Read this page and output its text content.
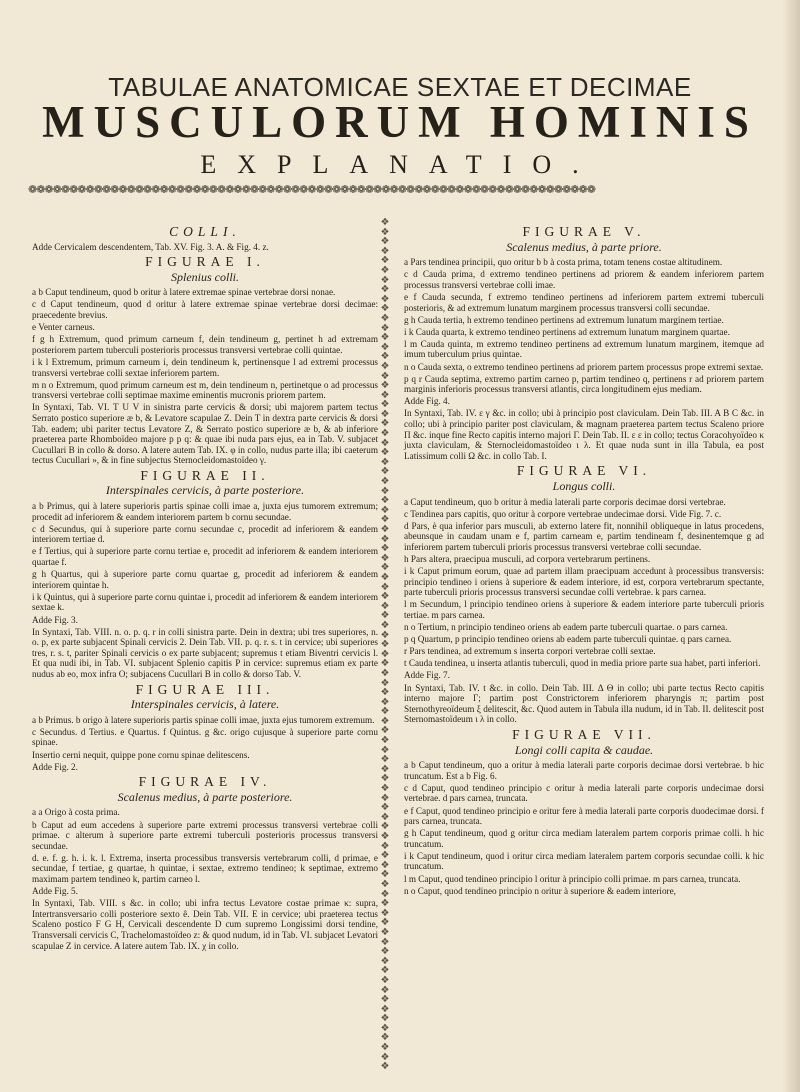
TABULAE ANATOMICAE SEXTAE ET DECIMAE
MUSCULORUM HOMINIS
EXPLANATIO.
❁❁❁❁❁❁❁❁❁❁❁❁❁❁❁❁❁❁❁❁❁❁❁❁❁❁❁❁❁❁❁❁❁❁❁❁❁❁❁❁❁❁❁❁❁❁❁❁❁❁❁❁❁❁❁❁❁❁❁❁❁❁❁❁❁❁❁❁❁
❖
❖
❖
❖
❖
❖
❖
❖
❖
❖
❖
❖
❖
❖
❖
❖
❖
❖
❖
❖
❖
❖
❖
❖
❖
❖
❖
❖
❖
❖
❖
❖
❖
❖
❖
❖
❖
❖
❖
❖
❖
❖
❖
❖
❖
❖
❖
❖
❖
❖
❖
❖
❖
❖
❖
❖
❖
❖
❖
❖
❖
❖
❖
❖
❖
❖
❖
❖
❖
❖
❖
❖
❖
❖
❖
❖
❖
❖
❖
❖
❖
❖
❖
❖
❖
❖
❖
❖
❖
COLLI.

Adde Cervicalem descendentem, Tab. XV. Fig. 3. A. & Fig. 4. z.

FIGURAE I.
Splenius colli.

a b Caput tendineum, quod b oritur à latere extremae spinae vertebrae dorsi nonae.

c d Caput tendineum, quod d oritur à latere extremae spinae vertebrae dorsi decimae: praecedente brevius.

e Venter carneus.

f g h Extremum, quod primum carneum f, dein tendineum g, pertinet h ad extremam posteriorem partem tuberculi posterioris processus transversi vertebrae colli quintae.

i k l Extremum, primum carneum i, dein tendineum k, pertinensque l ad extremi processus transversi vertebrae colli sextae inferiorem partem.

m n o Extremum, quod primum carneum est m, dein tendineum n, pertinetque o ad processus transversi vertebrae colli septimae maxime eminentis mucronis priorem partem.

In Syntaxi, Tab. VI. T U V in sinistra parte cervicis & dorsi; ubi majorem partem tectus Serrato postico superiore æ b, & Levatore scapulae Z. Dein T in dextra parte cervicis & dorsi Tab. eadem; ubi pariter tectus Levatore Z, & Serrato postico superiore æ b, & ab inferiore praeterea parte Rhomboïdeo majore p p q: & quae ibi nuda pars ejus, ea in Tab. V. subjacet Cucullari B in collo & dorso. A latere autem Tab. IX. φ in collo, nudus parte illa; ibi caeterum tectus Cucullari », & in fine subjectus Sternocleidomastoïdeo γ.

FIGURAE II.
Interspinales cervicis, à parte posteriore.

a b Primus, qui à latere superioris partis spinae colli imae a, juxta ejus tumorem extremum; procedit ad inferiorem & eandem interiorem partem b cornu secundae.

c d Secundus, qui à superiore parte cornu secundae c, procedit ad inferiorem & eandem interiorem tertiae d.

e f Tertius, qui à superiore parte cornu tertiae e, procedit ad inferiorem & eandem interiorem quartae f.

g h Quartus, qui à superiore parte cornu quartae g, procedit ad inferiorem & eandem interiorem quintae h.

i k Quintus, qui à superiore parte cornu quintae i, procedit ad inferiorem & eandem interiorem sextae k.

Adde Fig. 3.

In Syntaxi, Tab. VIII. n. o. p. q. r in colli sinistra parte. Dein in dextra; ubi tres superiores, n. o. p, ex parte subjacent Spinali cervicis 2. Dein Tab. VII. p. q. r. s. t in cervice; ubi superiores tres, r. s. t, pariter Spinali cervicis o ex parte subjacent; supremus t etiam Biventri cervicis l. Et qua nudi ibi, in Tab. VI. subjacent Splenio capitis P in cervice: supremus etiam ex parte nudus ab eo, mox infra O; subjacens Cucullari B in collo & dorso Tab. V.

FIGURAE III.
Interspinales cervicis, à latere.

a b Primus. b origo à latere superioris partis spinae colli imae, juxta ejus tumorem extremum.

c Secundus. d Tertius. e Quartus. f Quintus. g &c. origo cujusque à superiore parte cornu spinae.

Insertio cerni nequit, quippe pone cornu spinae delitescens.

Adde Fig. 2.

FIGURAE IV.
Scalenus medius, à parte posteriore.

a a Origo à costa prima.

b Caput ad eum accedens à superiore parte extremi processus transversi vertebrae colli primae. c alterum à superiore parte extremi tuberculi posterioris processus transversi secundae.

d. e. f. g. h. i. k. l. Extrema, inserta processibus transversis vertebrarum colli, d primae, e secundae, f tertiae, g quartae, h quintae, i sextae, extremo tendineo; k septimae, extremo maximam partem tendineo k, partim carneo l.

Adde Fig. 5.

In Syntaxi, Tab. VIII. s &c. in collo; ubi infra tectus Levatore costae primae κ: supra, Intertransversario colli posteriore sexto ê. Dein Tab. VII. E in cervice; ubi praeterea tectus Scaleno postico F G H, Cervicali descendente D cum supremo Longissimi dorsi tendine, Transversali cervicis C, Trachelomastoïdeo z: & quod nudum, id in Tab. VI. subjacet Levatori scapulae Z in cervice. A latere autem Tab. IX. χ in collo.

FIGURAE V.
Scalenus medius, à parte priore.

a Pars tendinea principii, quo oritur b b à costa prima, totam tenens costae altitudinem.

c d Cauda prima, d extremo tendineo pertinens ad priorem & eandem inferiorem partem processus transversi vertebrae colli imae.

e f Cauda secunda, f extremo tendineo pertinens ad inferiorem partem extremi tuberculi posterioris, & ad extremum lunatum marginem processus transversi colli secundae.

g h Cauda tertia, h extremo tendineo pertinens ad extremum lunatum marginem tertiae.

i k Cauda quarta, k extremo tendineo pertinens ad extremum lunatum marginem quartae.

l m Cauda quinta, m extremo tendineo pertinens ad extremum lunatum marginem, itemque ad imum tuberculum prius quintae.

n o Cauda sexta, o extremo tendineo pertinens ad priorem partem processus prope extremi sextae.

p q r Cauda septima, extremo partim carneo p, partim tendineo q, pertinens r ad priorem partem marginis inferioris processus transversi atlantis, circa longitudinem ejus mediam.

Adde Fig. 4.

In Syntaxi, Tab. IV. ε γ &c. in collo; ubi à principio post claviculam. Dein Tab. III. A B C &c. in collo; ubi à principio pariter post claviculam, & magnam praeterea partem tectus Scaleno priore Π &c. inque fine Recto capitis interno majori Γ. Dein Tab. II. ε ε in collo; tectus Coracohyoïdeo κ juxta claviculam, & Sternocleidomastoïdeo ι λ. Et quae nuda sunt in illa Tabula, ea post Latissimum colli Ω &c. in collo Tab. I.

FIGURAE VI.
Longus colli.

a Caput tendineum, quo b oritur à media laterali parte corporis decimae dorsi vertebrae.

c Tendinea pars capitis, quo oritur à corpore vertebrae undecimae dorsi. Vide Fig. 7. c.

d Pars, è qua inferior pars musculi, ab externo latere fit, nonnihil obliqueque in latus procedens, abeunsque in caudam unam e f, partim carneam e, partim tendineam f, desinentemque g ad inferiorem partem tuberculi prioris processus transversi vertebrae colli secundae.

h Pars altera, praecipua musculi, ad corpora vertebrarum pertinens.

i k Caput primum eorum, quae ad partem illam praecipuam accedunt à processibus transversis: principio tendineo i oriens à superiore & eadem interiore, id est, corpora vertebrarum spectante, parte tuberculi prioris processus transversi secundae colli vertebrae. k pars carnea.

l m Secundum, l principio tendineo oriens à superiore & eadem interiore parte tuberculi prioris tertiae. m pars carnea.

n o Tertium, n principio tendineo oriens ab eadem parte tuberculi quartae. o pars carnea.

p q Quartum, p principio tendineo oriens ab eadem parte tuberculi quintae. q pars carnea.

r Pars tendinea, ad extremum s inserta corpori vertebrae colli sextae.

t Cauda tendinea, u inserta atlantis tuberculi, quod in media priore parte sua habet, parti inferiori.

Adde Fig. 7.

In Syntaxi, Tab. IV. t &c. in collo. Dein Tab. III. Δ Θ in collo; ubi parte tectus Recto capitis interno majore Γ; partim post Constrictorem inferiorem pharyngis π; partim post Sternothyreoïdeum ξ delitescit, &c. Quod autem in Tabula illa nudum, id in Tab. II. delitescit post Sternomastoïdeum ι λ in collo.

FIGURAE VII.
Longi colli capita & caudae.

a b Caput tendineum, quo a oritur à media laterali parte corporis decimae dorsi vertebrae. b hic truncatum. Est a b Fig. 6.

c d Caput, quod tendineo principio c oritur à media laterali parte corporis undecimae dorsi vertebrae. d pars carnea, truncata.

e f Caput, quod tendineo principio e oritur fere à media laterali parte corporis duodecimae dorsi. f pars carnea, truncata.

g h Caput tendineum, quod g oritur circa mediam lateralem partem corporis primae colli. h hic truncatum.

i k Caput tendineum, quod i oritur circa mediam lateralem partem corporis secundae colli. k hic truncatum.

l m Caput, quod tendineo principio l oritur à principio colli primae. m pars carnea, truncata.

n o Caput, quod tendineo principio n oritur à superiore & eadem interiore,
